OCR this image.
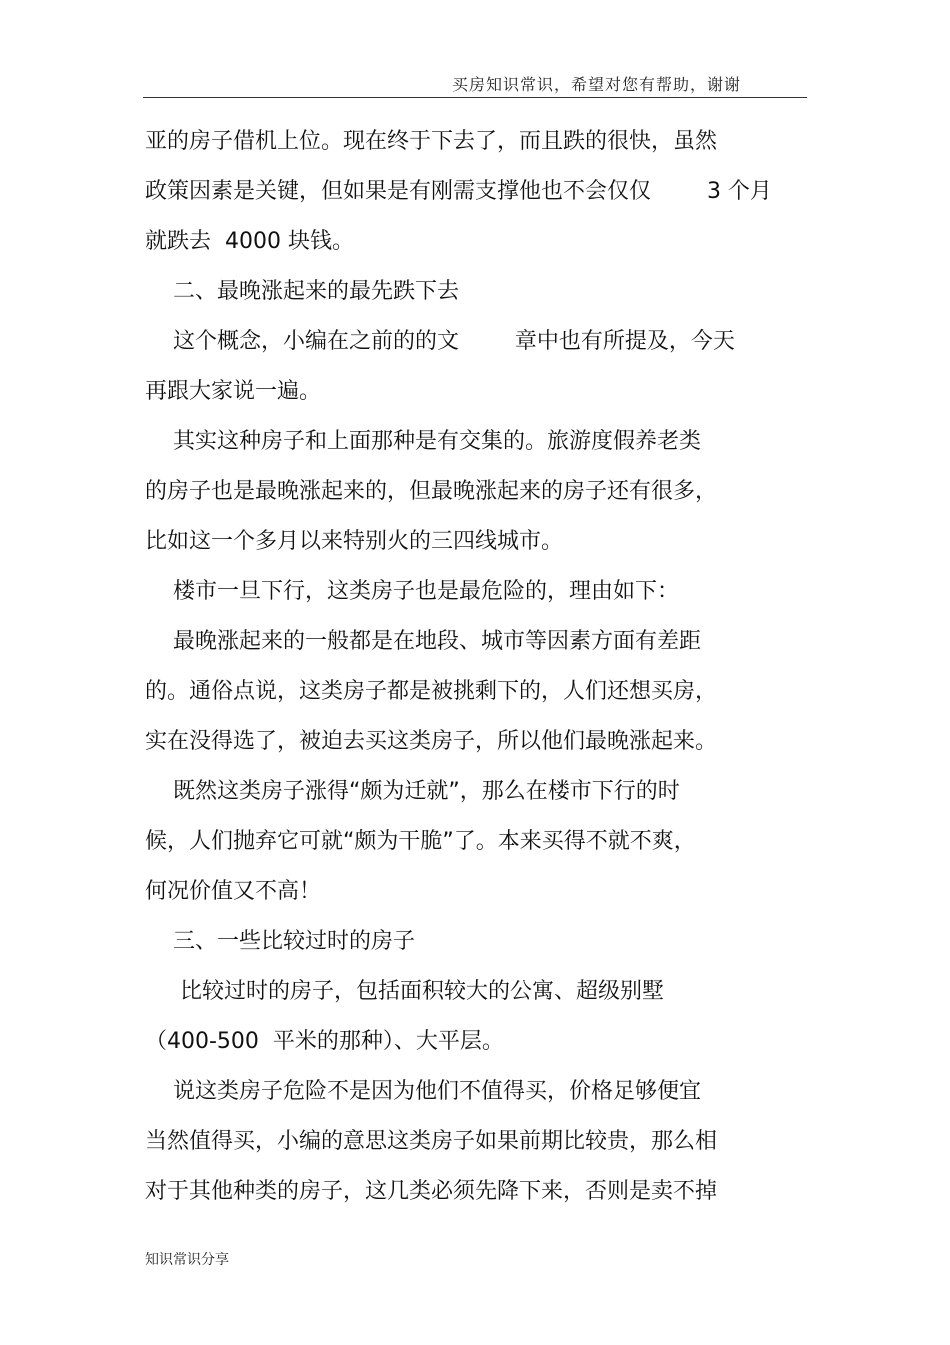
买房知识常识，希望对您有帮助，谢谢
亚的房子借机上位。现在终于下去了，而且跌的很快，虽然
政策因素是关键，但如果是有刚需支撑他也不会仅仅        3 个月
就跌去  4000 块钱。
二、最晚涨起来的最先跌下去
这个概念，小编在之前的的文        章中也有所提及，今天
再跟大家说一遍。
其实这种房子和上面那种是有交集的。旅游度假养老类
的房子也是最晚涨起来的，但最晚涨起来的房子还有很多，
比如这一个多月以来特别火的三四线城市。
楼市一旦下行，这类房子也是最危险的，理由如下：
最晚涨起来的一般都是在地段、城市等因素方面有差距
的。通俗点说，这类房子都是被挑剩下的，人们还想买房，
实在没得选了，被迫去买这类房子，所以他们最晚涨起来。
既然这类房子涨得“颇为迁就”，那么在楼市下行的时
候，人们抛弃它可就“颇为干脆”了。本来买得不就不爽，
何况价值又不高！
三、一些比较过时的房子
比较过时的房子，包括面积较大的公寓、超级别墅
（400-500  平米的那种）、大平层。
说这类房子危险不是因为他们不值得买，价格足够便宜
当然值得买，小编的意思这类房子如果前期比较贵，那么相
对于其他种类的房子，这几类必须先降下来，否则是卖不掉
知识常识分享
